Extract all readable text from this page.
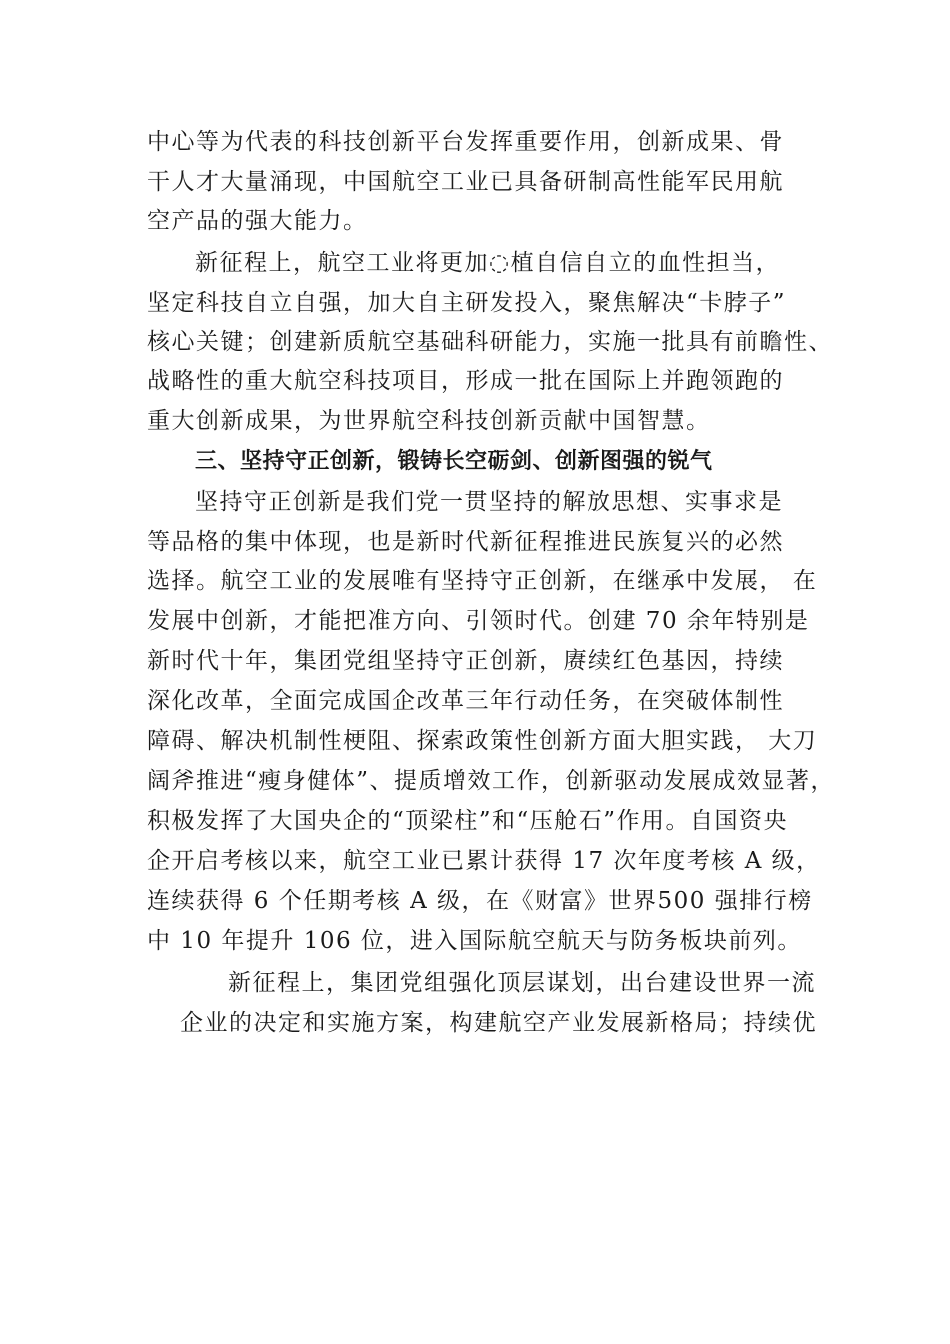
中心等为代表的科技创新平台发挥重要作用，创新成果、骨
干人才大量涌现，中国航空工业已具备研制高性能军民用航
空产品的强大能力。
新征程上，航空工业将更加◌植自信自立的血性担当，
坚定科技自立自强，加大自主研发投入，聚焦解决“卡脖子”
核心关键；创建新质航空基础科研能力，实施一批具有前瞻性、
战略性的重大航空科技项目，形成一批在国际上并跑领跑的
重大创新成果，为世界航空科技创新贡献中国智慧。
三、坚持守正创新，锻铸长空砺剑、创新图强的锐气
坚持守正创新是我们党一贯坚持的解放思想、实事求是
等品格的集中体现，也是新时代新征程推进民族复兴的必然
选择。航空工业的发展唯有坚持守正创新，在继承中发展， 在
发展中创新，才能把准方向、引领时代。创建 70 余年特别是
新时代十年，集团党组坚持守正创新，赓续红色基因，持续
深化改革，全面完成国企改革三年行动任务，在突破体制性
障碍、解决机制性梗阻、探索政策性创新方面大胆实践， 大刀
阔斧推进“瘦身健体”、提质增效工作，创新驱动发展成效显著，
积极发挥了大国央企的“顶梁柱”和“压舱石”作用。自国资央
企开启考核以来，航空工业已累计获得 17 次年度考核 A 级，
连续获得 6 个任期考核 A 级，在《财富》世界500 强排行榜
中 10 年提升 106 位，进入国际航空航天与防务板块前列。
新征程上，集团党组强化顶层谋划，出台建设世界一流
企业的决定和实施方案，构建航空产业发展新格局；持续优
